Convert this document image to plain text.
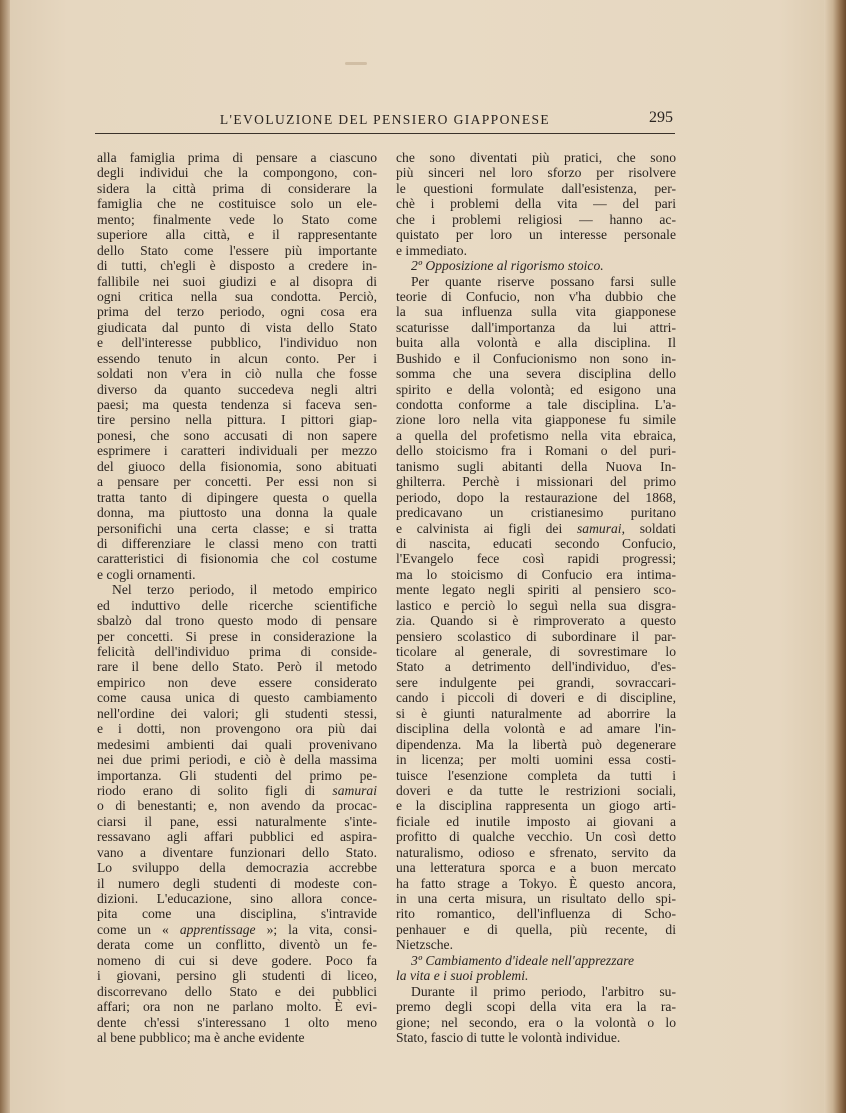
L'EVOLUZIONE DEL PENSIERO GIAPPONESE	295
alla famiglia prima di pensare a ciascuno
degli individui che la compongono, con-
sidera la città prima di considerare la
famiglia che ne costituisce solo un ele-
mento; finalmente vede lo Stato come
superiore alla città, e il rappresentante
dello Stato come l'essere più importante
di tutti, ch'egli è disposto a credere in-
fallibile nei suoi giudizi e al disopra di
ogni critica nella sua condotta. Perciò,
prima del terzo periodo, ogni cosa era
giudicata dal punto di vista dello Stato
e dell'interesse pubblico, l'individuo non
essendo tenuto in alcun conto. Per i
soldati non v'era in ciò nulla che fosse
diverso da quanto succedeva negli altri
paesi; ma questa tendenza si faceva sen-
tire persino nella pittura. I pittori giap-
ponesi, che sono accusati di non sapere
esprimere i caratteri individuali per mezzo
del giuoco della fisionomia, sono abituati
a pensare per concetti. Per essi non si
tratta tanto di dipingere questa o quella
donna, ma piuttosto una donna la quale
personifichi una certa classe; e si tratta
di differenziare le classi meno con tratti
caratteristici di fisionomia che col costume
e cogli ornamenti.
Nel terzo periodo, il metodo empirico
ed induttivo delle ricerche scientifiche
sbalzò dal trono questo modo di pensare
per concetti. Si prese in considerazione la
felicità dell'individuo prima di conside-
rare il bene dello Stato. Però il metodo
empirico non deve essere considerato
come causa unica di questo cambiamento
nell'ordine dei valori; gli studenti stessi,
e i dotti, non provengono ora più dai
medesimi ambienti dai quali provenivano
nei due primi periodi, e ciò è della massima
importanza. Gli studenti del primo pe-
riodo erano di solito figli di samurai
o di benestanti; e, non avendo da procac-
ciarsi il pane, essi naturalmente s'inte-
ressavano agli affari pubblici ed aspira-
vano a diventare funzionari dello Stato.
Lo sviluppo della democrazia accrebbe
il numero degli studenti di modeste con-
dizioni. L'educazione, sino allora conce-
pita come una disciplina, s'intravide
come un « apprentissage »; la vita, consi-
derata come un conflitto, diventò un fe-
nomeno di cui si deve godere. Poco fa
i giovani, persino gli studenti di liceo,
discorrevano dello Stato e dei pubblici
affari; ora non ne parlano molto. È evi-
dente ch'essi s'interessano 1 olto meno
al bene pubblico; ma è anche evidente
che sono diventati più pratici, che sono
più sinceri nel loro sforzo per risolvere
le questioni formulate dall'esistenza, per-
chè i problemi della vita — del pari
che i problemi religiosi — hanno ac-
quistato per loro un interesse personale
e immediato.
2º Opposizione al rigorismo stoico.
Per quante riserve possano farsi sulle
teorie di Confucio, non v'ha dubbio che
la sua influenza sulla vita giapponese
scaturisse dall'importanza da lui attri-
buita alla volontà e alla disciplina. Il
Bushido e il Confucionismo non sono in-
somma che una severa disciplina dello
spirito e della volontà; ed esigono una
condotta conforme a tale disciplina. L'a-
zione loro nella vita giapponese fu simile
a quella del profetismo nella vita ebraica,
dello stoicismo fra i Romani o del puri-
tanismo sugli abitanti della Nuova In-
ghilterra. Perchè i missionari del primo
periodo, dopo la restaurazione del 1868,
predicavano un cristianesimo puritano
e calvinista ai figli dei samurai, soldati
di nascita, educati secondo Confucio,
l'Evangelo fece così rapidi progressi;
ma lo stoicismo di Confucio era intima-
mente legato negli spiriti al pensiero sco-
lastico e perciò lo seguì nella sua disgra-
zia. Quando si è rimproverato a questo
pensiero scolastico di subordinare il par-
ticolare al generale, di sovrestimare lo
Stato a detrimento dell'individuo, d'es-
sere indulgente pei grandi, sovraccari-
cando i piccoli di doveri e di discipline,
si è giunti naturalmente ad aborrire la
disciplina della volontà e ad amare l'in-
dipendenza. Ma la libertà può degenerare
in licenza; per molti uomini essa costi-
tuisce l'esenzione completa da tutti i
doveri e da tutte le restrizioni sociali,
e la disciplina rappresenta un giogo arti-
ficiale ed inutile imposto ai giovani a
profitto di qualche vecchio. Un così detto
naturalismo, odioso e sfrenato, servito da
una letteratura sporca e a buon mercato
ha fatto strage a Tokyo. È questo ancora,
in una certa misura, un risultato dello spi-
rito romantico, dell'influenza di Scho-
penhauer e di quella, più recente, di
Nietzsche.
3º Cambiamento d'ideale nell'apprezzare
la vita e i suoi problemi.
Durante il primo periodo, l'arbitro su-
premo degli scopi della vita era la ra-
gione; nel secondo, era o la volontà o lo
Stato, fascio di tutte le volontà individue.
